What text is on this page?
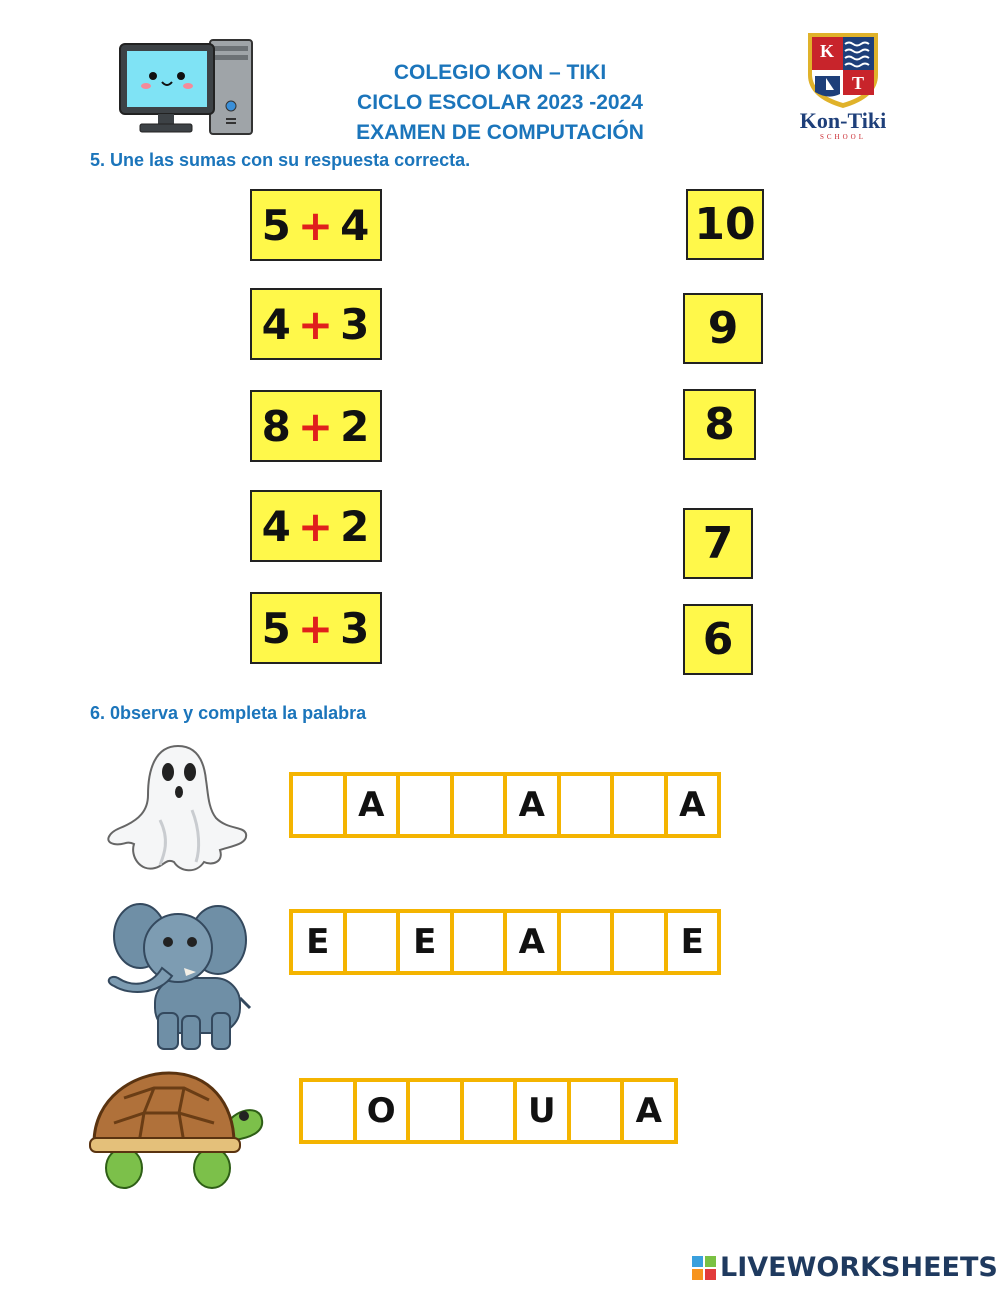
COLEGIO KON – TIKI
CICLO ESCOLAR 2023 -2024
EXAMEN DE COMPUTACIÓN
K
T
Kon-Tiki
SCHOOL
5. Une las sumas con su respuesta correcta.
5 + 4
4 + 3
8 + 2
4 + 2
5 + 3
10
9
8
7
6
6. 0bserva y completa la palabra
A	A	A
E	E	A	E
O	U	A
LIVEWORKSHEETS
